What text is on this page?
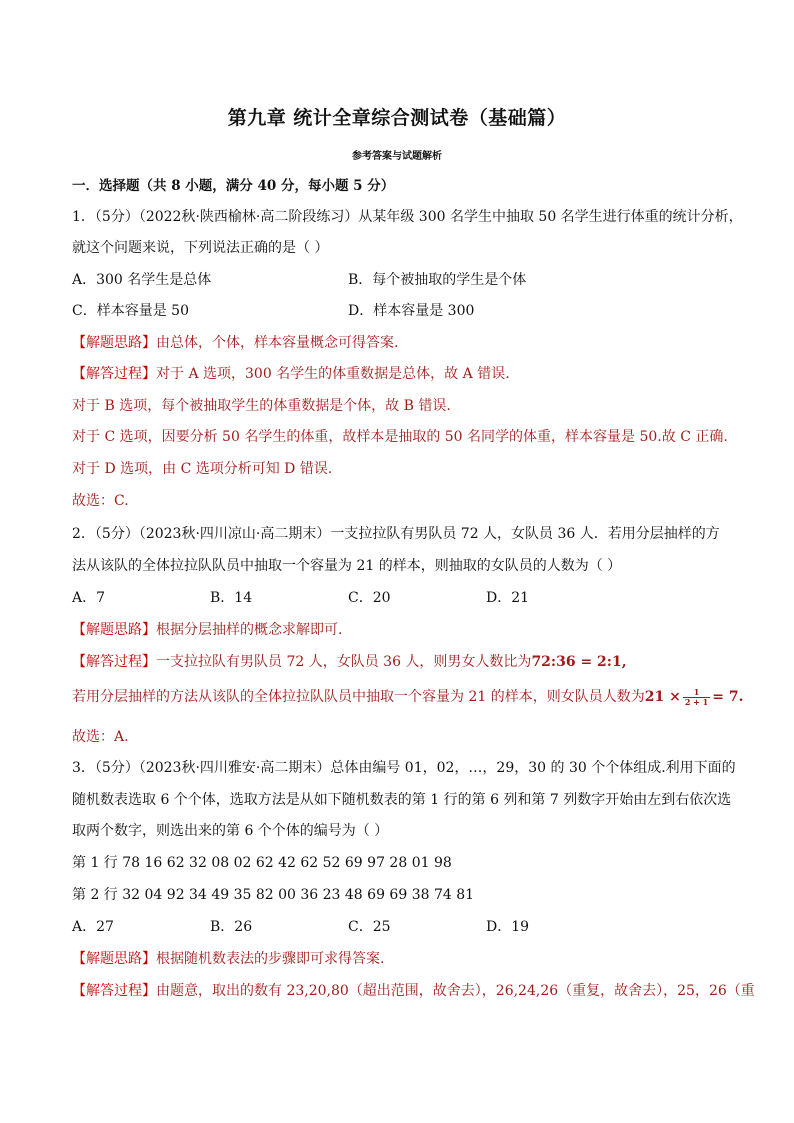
第九章 统计全章综合测试卷（基础篇）
参考答案与试题解析
一．选择题（共 8 小题，满分 40 分，每小题 5 分）
1．（5分）（2022秋·陕西榆林·高二阶段练习）从某年级 300 名学生中抽取 50 名学生进行体重的统计分析，
就这个问题来说，下列说法正确的是（ ）
A．300 名学生是总体	B．每个被抽取的学生是个体
C．样本容量是 50	D．样本容量是 300
【解题思路】由总体，个体，样本容量概念可得答案.
【解答过程】对于 A 选项，300 名学生的体重数据是总体，故 A 错误.
对于 B 选项，每个被抽取学生的体重数据是个体，故 B 错误.
对于 C 选项，因要分析 50 名学生的体重，故样本是抽取的 50 名同学的体重，样本容量是 50.故 C 正确.
对于 D 选项，由 C 选项分析可知 D 错误.
故选：C.
2．（5分）（2023秋·四川凉山·高二期末）一支拉拉队有男队员 72 人，女队员 36 人．若用分层抽样的方
法从该队的全体拉拉队队员中抽取一个容量为 21 的样本，则抽取的女队员的人数为（ ）
A．7	B．14	C．20	D．21
【解题思路】根据分层抽样的概念求解即可.
【解答过程】一支拉拉队有男队员 72 人，女队员 36 人，则男女人数比为72:36 = 2:1,
若用分层抽样的方法从该队的全体拉拉队队员中抽取一个容量为 21 的样本，则女队员人数为$21 \times \frac{1}{2 + 1} = 7$.
故选：A.
3．（5分）（2023秋·四川雅安·高二期末）总体由编号 01，02，…，29，30 的 30 个个体组成.利用下面的
随机数表选取 6 个个体，选取方法是从如下随机数表的第 1 行的第 6 列和第 7 列数字开始由左到右依次选
取两个数字，则选出来的第 6 个个体的编号为（ ）
第 1 行 78 16 62 32 08 02 62 42 62 52 69 97 28 01 98
第 2 行 32 04 92 34 49 35 82 00 36 23 48 69 69 38 74 81
A．27	B．26	C．25	D．19
【解题思路】根据随机数表法的步骤即可求得答案.
【解答过程】由题意，取出的数有 23,20,80（超出范围，故舍去），26,24,26（重复，故舍去），25，26（重
